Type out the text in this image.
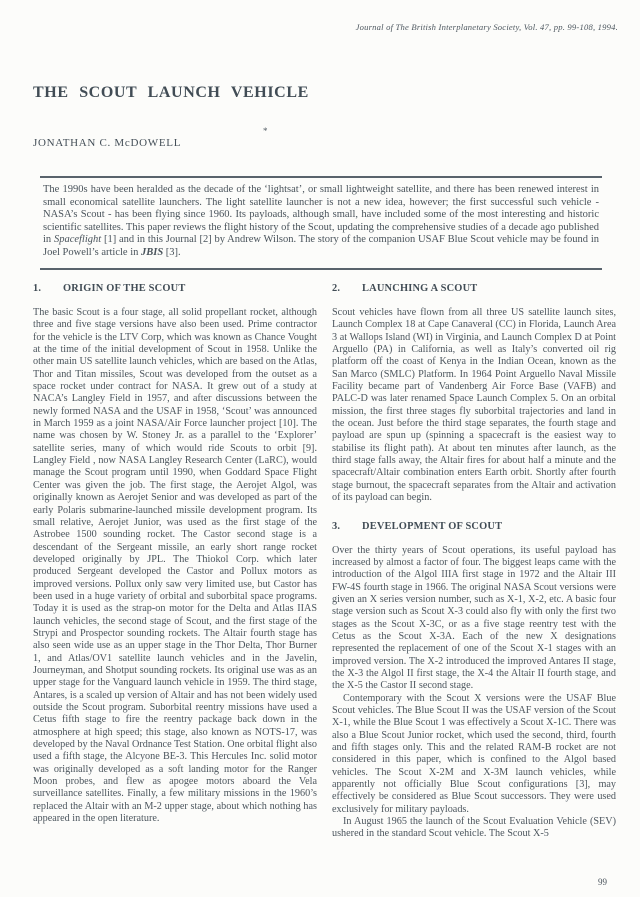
Journal of The British Interplanetary Society, Vol. 47, pp. 99-108, 1994.
THE SCOUT LAUNCH VEHICLE
*
JONATHAN C. McDOWELL

The 1990s have been heralded as the decade of the ‘lightsat’, or small lightweight satellite, and there has been renewed interest in small economical satellite launchers. The light satellite launcher is not a new idea, however; the first successful such vehicle - NASA’s Scout - has been flying since 1960. Its payloads, although small, have included some of the most interesting and historic scientific satellites. This paper reviews the flight history of the Scout, updating the comprehensive studies of a decade ago published in Spaceflight [1] and in this Journal [2] by Andrew Wilson. The story of the companion USAF Blue Scout vehicle may be found in Joel Powell’s article in JBIS [3].

1.	ORIGIN OF THE SCOUT

The basic Scout is a four stage, all solid propellant rocket, although three and five stage versions have also been used. Prime contractor for the vehicle is the LTV Corp, which was known as Chance Vought at the time of the initial development of Scout in 1958. Unlike the other main US satellite launch vehicles, which are based on the Atlas, Thor and Titan missiles, Scout was developed from the outset as a space rocket under contract for NASA. It grew out of a study at NACA’s Langley Field in 1957, and after discussions between the newly formed NASA and the USAF in 1958, ‘Scout’ was announced in March 1959 as a joint NASA/Air Force launcher project [10]. The name was chosen by W. Stoney Jr. as a parallel to the ‘Explorer’ satellite series, many of which would ride Scouts to orbit [9]. Langley Field , now NASA Langley Research Center (LaRC), would manage the Scout program until 1990, when Goddard Space Flight Center was given the job. The first stage, the Aerojet Algol, was originally known as Aerojet Senior and was developed as part of the early Polaris submarine-launched missile development program. Its small relative, Aerojet Junior, was used as the first stage of the Astrobee 1500 sounding rocket. The Castor second stage is a descendant of the Sergeant missile, an early short range rocket developed originally by JPL. The Thiokol Corp. which later produced Sergeant developed the Castor and Pollux motors as improved versions. Pollux only saw very limited use, but Castor has been used in a huge variety of orbital and suborbital space programs. Today it is used as the strap-on motor for the Delta and Atlas IIAS launch vehicles, the second stage of Scout, and the first stage of the Strypi and Prospector sounding rockets. The Altair fourth stage has also seen wide use as an upper stage in the Thor Delta, Thor Burner 1, and Atlas/OV1 satellite launch vehicles and in the Javelin, Journeyman, and Shotput sounding rockets. Its original use was as an upper stage for the Vanguard launch vehicle in 1959. The third stage, Antares, is a scaled up version of Altair and has not been widely used outside the Scout program. Suborbital reentry missions have used a Cetus fifth stage to fire the reentry package back down in the atmosphere at high speed; this stage, also known as NOTS-17, was developed by the Naval Ordnance Test Station. One orbital flight also used a fifth stage, the Alcyone BE-3. This Hercules Inc. solid motor was originally developed as a soft landing motor for the Ranger Moon probes, and flew as apogee motors aboard the Vela surveillance satellites. Finally, a few military missions in the 1960’s replaced the Altair with an M-2 upper stage, about which nothing has appeared in the open literature.

2.	LAUNCHING A SCOUT

Scout vehicles have flown from all three US satellite launch sites, Launch Complex 18 at Cape Canaveral (CC) in Florida, Launch Area 3 at Wallops Island (WI) in Virginia, and Launch Complex D at Point Arguello (PA) in California, as well as Italy’s converted oil rig platform off the coast of Kenya in the Indian Ocean, known as the San Marco (SMLC) Platform. In 1964 Point Arguello Naval Missile Facility became part of Vandenberg Air Force Base (VAFB) and PALC-D was later renamed Space Launch Complex 5. On an orbital mission, the first three stages fly suborbital trajectories and land in the ocean. Just before the third stage separates, the fourth stage and payload are spun up (spinning a spacecraft is the easiest way to stabilise its flight path). At about ten minutes after launch, as the third stage falls away, the Altair fires for about half a minute and the spacecraft/Altair combination enters Earth orbit. Shortly after fourth stage burnout, the spacecraft separates from the Altair and activation of its payload can begin.

3.	DEVELOPMENT OF SCOUT

Over the thirty years of Scout operations, its useful payload has increased by almost a factor of four. The biggest leaps came with the introduction of the Algol IIIA first stage in 1972 and the Altair III FW-4S fourth stage in 1966. The original NASA Scout versions were given an X series version number, such as X-1, X-2, etc. A basic four stage version such as Scout X-3 could also fly with only the first two stages as the Scout X-3C, or as a five stage reentry test with the Cetus as the Scout X-3A. Each of the new X designations represented the replacement of one of the Scout X-1 stages with an improved version. The X-2 introduced the improved Antares II stage, the X-3 the Algol II first stage, the X-4 the Altair II fourth stage, and the X-5 the Castor II second stage.

Contemporary with the Scout X versions were the USAF Blue Scout vehicles. The Blue Scout II was the USAF version of the Scout X-1, while the Blue Scout 1 was effectively a Scout X-1C. There was also a Blue Scout Junior rocket, which used the second, third, fourth and fifth stages only. This and the related RAM-B rocket are not considered in this paper, which is confined to the Algol based vehicles. The Scout X-2M and X-3M launch vehicles, while apparently not officially Blue Scout configurations [3], may effectively be considered as Blue Scout successors. They were used exclusively for military payloads.

In August 1965 the launch of the Scout Evaluation Vehicle (SEV) ushered in the standard Scout vehicle. The Scout X-5

99
